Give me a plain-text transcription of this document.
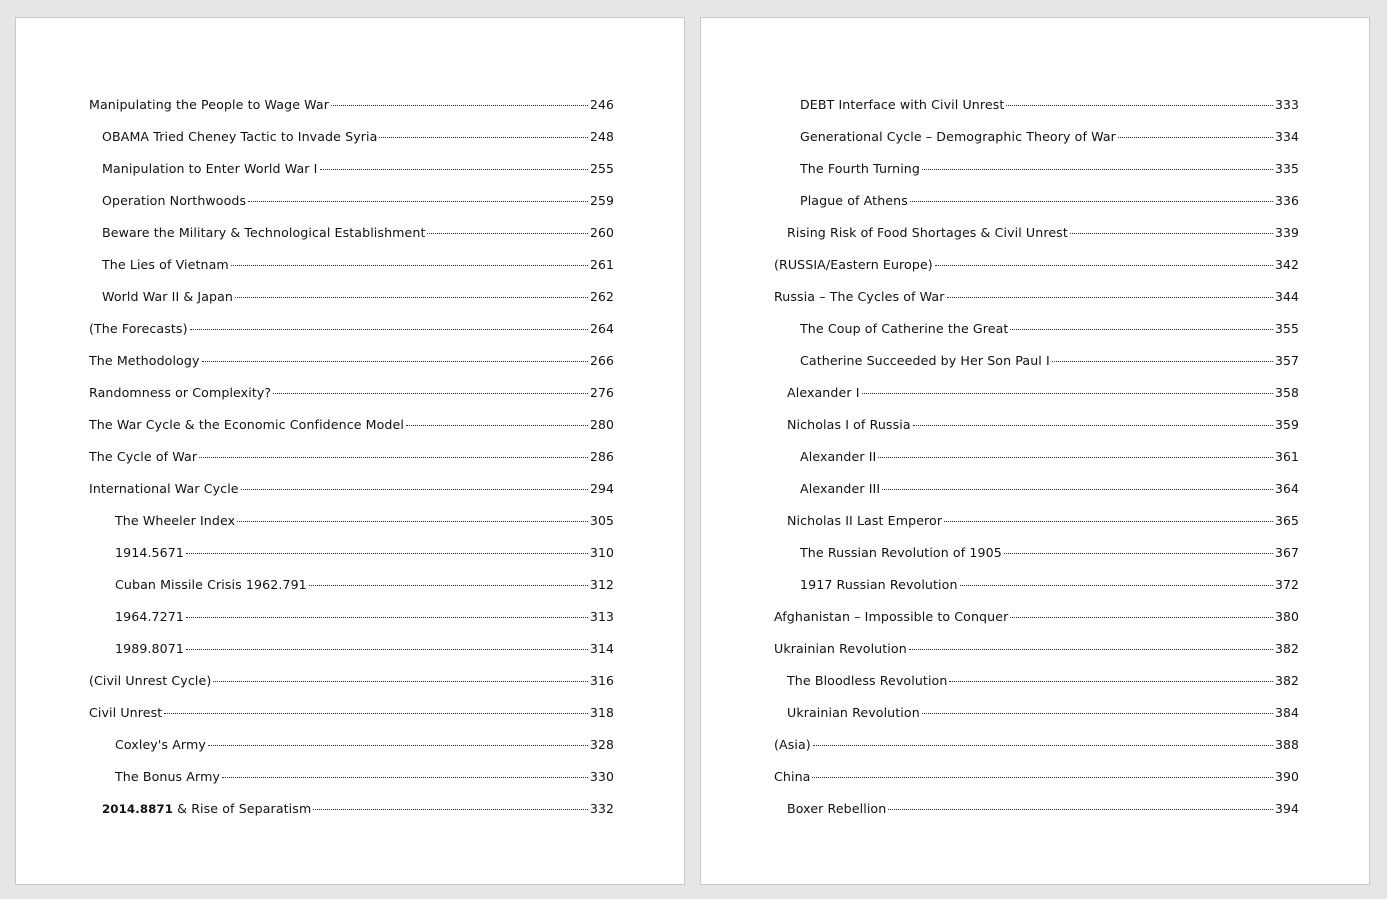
Manipulating the People to Wage War	246
OBAMA Tried Cheney Tactic to Invade Syria	248
Manipulation to Enter World War I	255
Operation Northwoods	259
Beware the Military & Technological Establishment	260
The Lies of Vietnam	261
World War II & Japan	262
(The Forecasts)	264
The Methodology	266
Randomness or Complexity?	276
The War Cycle & the Economic Confidence Model	280
The Cycle of War	286
International War Cycle	294
The Wheeler Index	305
1914.5671	310
Cuban Missile Crisis 1962.791	312
1964.7271	313
1989.8071	314
(Civil Unrest Cycle)	316
Civil Unrest	318
Coxley's Army	328
The Bonus Army	330
2014.8871 & Rise of Separatism	332
DEBT Interface with Civil Unrest	333
Generational Cycle – Demographic Theory of War	334
The Fourth Turning	335
Plague of Athens	336
Rising Risk of Food Shortages & Civil Unrest	339
(RUSSIA/Eastern Europe)	342
Russia – The Cycles of War	344
The Coup of Catherine the Great	355
Catherine Succeeded by Her Son Paul I	357
Alexander I	358
Nicholas I of Russia	359
Alexander II	361
Alexander III	364
Nicholas II Last Emperor	365
The Russian Revolution of 1905	367
1917 Russian Revolution	372
Afghanistan – Impossible to Conquer	380
Ukrainian Revolution	382
The Bloodless Revolution	382
Ukrainian Revolution	384
(Asia)	388
China	390
Boxer Rebellion	394
